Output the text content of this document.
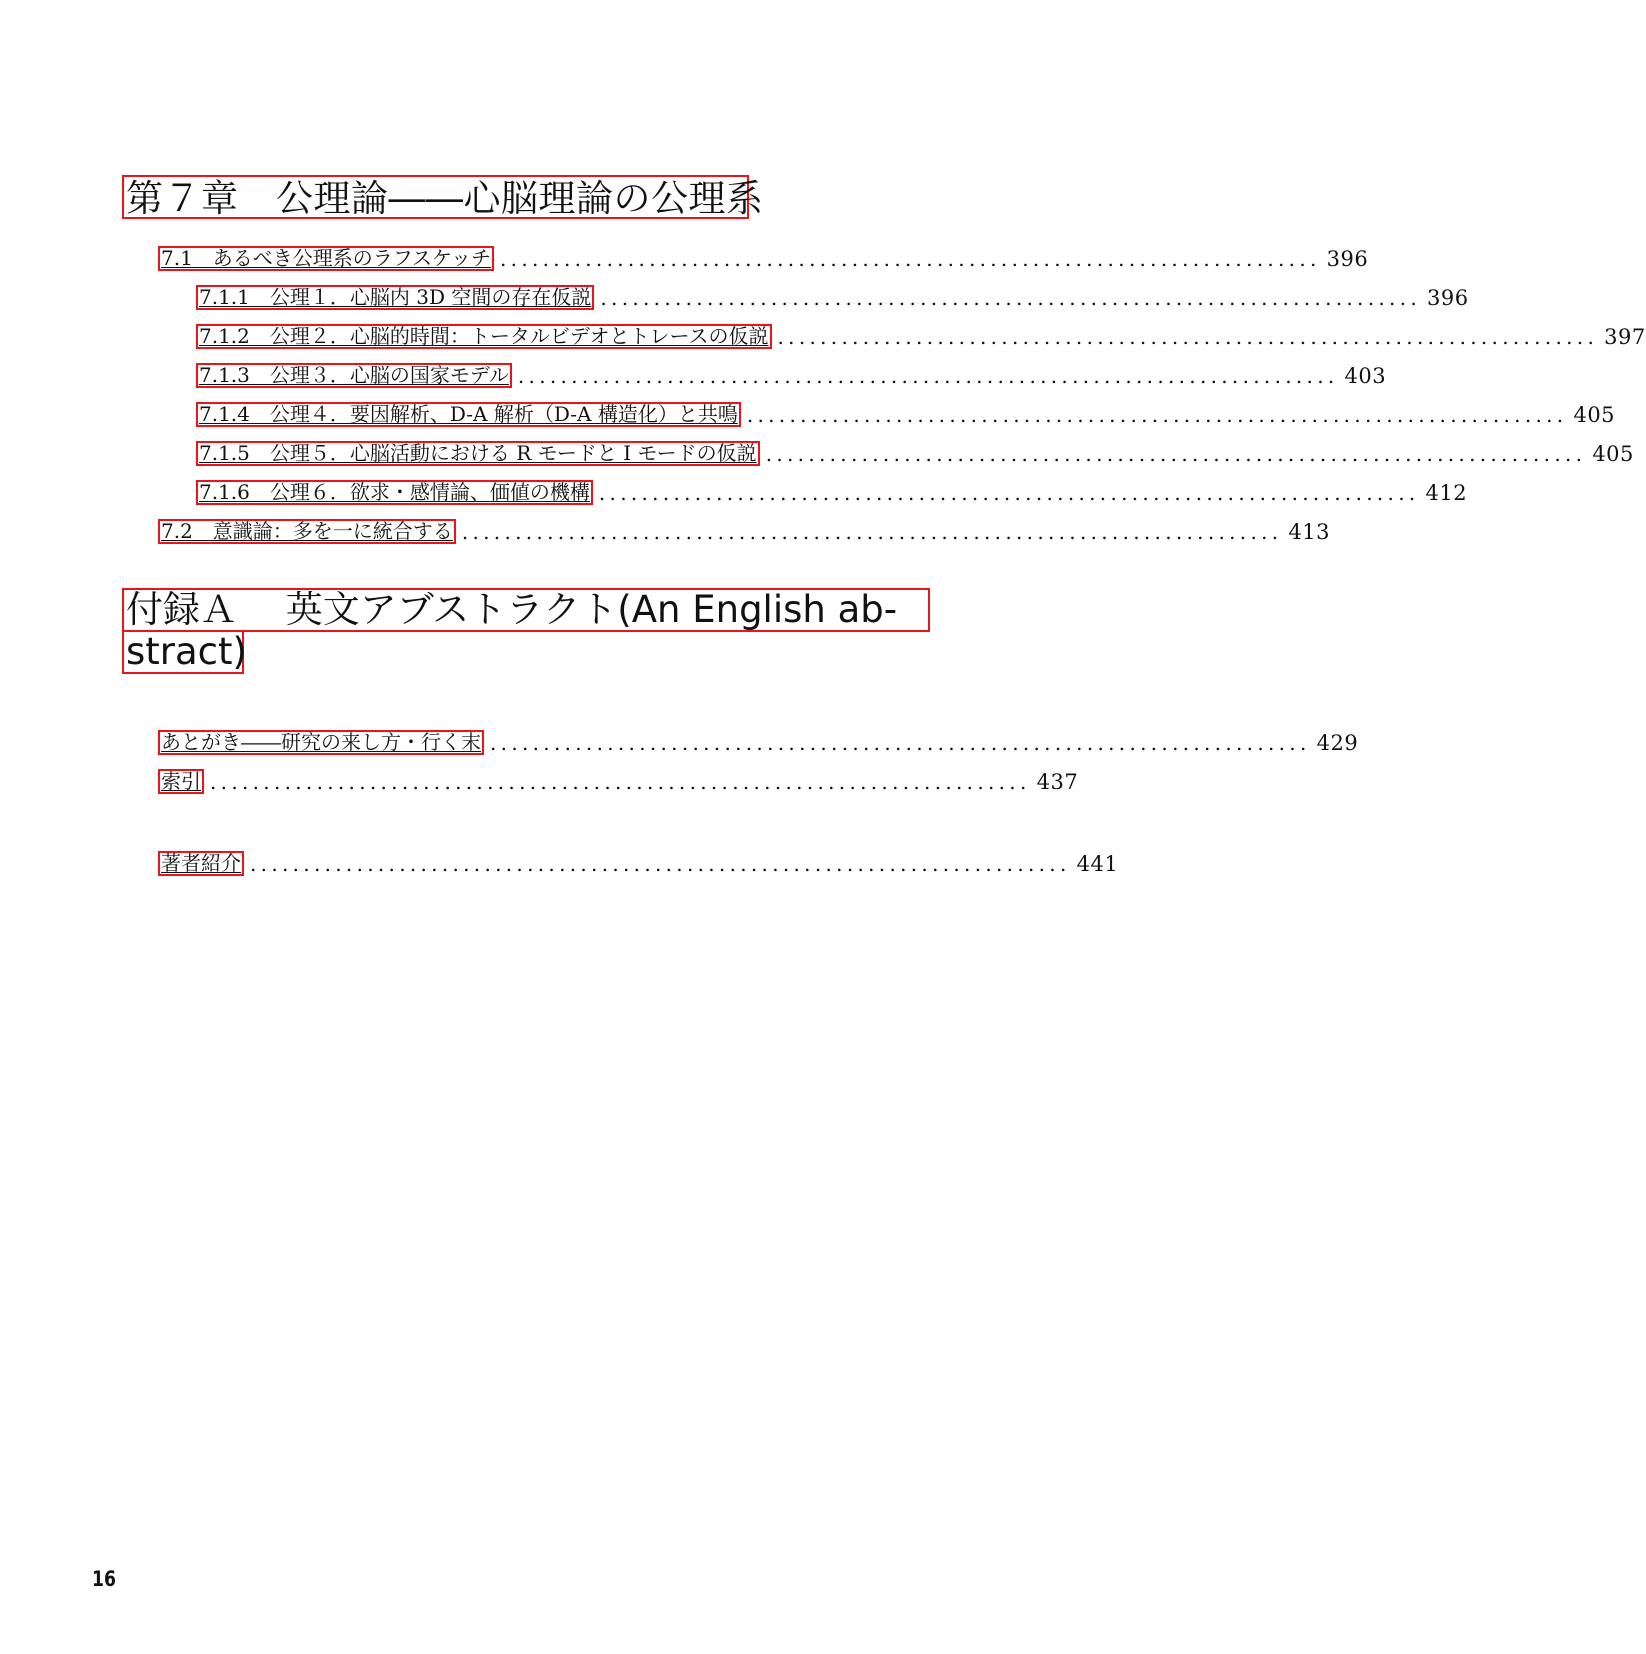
第７章　公理論――心脳理論の公理系
7.1　あるべき公理系のラフスケッチ ............................................................................. 396
7.1.1　公理１．心脳内 3D 空間の存在仮説 ............................................................................. 396
7.1.2　公理２．心脳的時間：トータルビデオとトレースの仮説 ............................................................................. 397
7.1.3　公理３．心脳の国家モデル ............................................................................. 403
7.1.4　公理４．要因解析、D-A 解析（D-A 構造化）と共鳴 ............................................................................. 405
7.1.5　公理５．心脳活動における R モードと I モードの仮説 ............................................................................. 405
7.1.6　公理６．欲求・感情論、価値の機構 ............................................................................. 412
7.2　意識論：多を一に統合する ............................................................................. 413
付録Ａ　 英文アブストラクト(An English ab-
stract)
あとがき――研究の来し方・行く末 ............................................................................. 429
索引 ............................................................................. 437
著者紹介 ............................................................................. 441
16
